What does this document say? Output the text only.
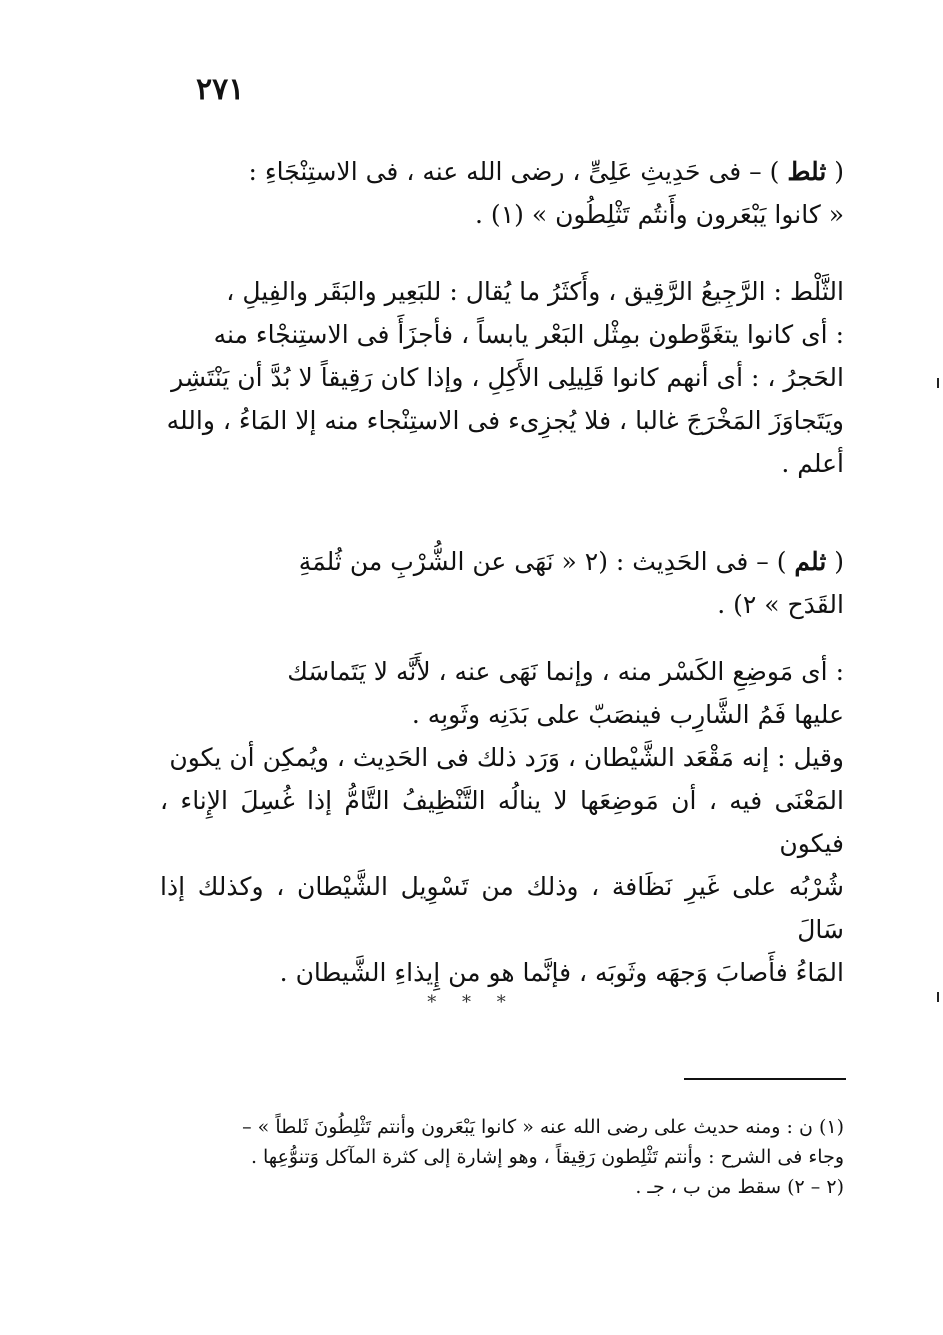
٢٧١

( ثلط ) – فى حَدِيثِ عَلِىٍّ ، رضى الله عنه ، فى الاستِنْجَاءِ :

« كانوا يَبْعَرون وأَنتُم تَثْلِطُون » (١) .

الثَّلْط : الرَّجِيعُ الرَّقِيق ، وأَكثَرُ ما يُقال : للبَعِير والبَقَر والفِيلِ ،

: أى كانوا يتغَوَّطون بمِثْل البَعْر يابساً ، فأجزَأَ فى الاستِنجْاء منه

الحَجرُ ، : أى أنهم كانوا قَلِيلِى الأَكِلِ ، وإذا كان رَقِيقاً لا بُدَّ أن يَنْتَشِر

ويَتَجاوَزَ المَخْرَجَ غالبا ، فلا يُجزِىء فى الاستِنْجاء منه إلا المَاءُ ، والله

أعلم .

( ثلم ) – فى الحَدِيث : (٢ « نَهَى عن الشُّرْبِ من ثُلمَةِ

القَدَح » ٢) .

: أى مَوضِعِ الكَسْر منه ، وإنما نَهَى عنه ، لأَنَّه لا يَتَماسَك

عليها فَمُ الشَّارِب فينصَبّ على بَدَنِه وثَوبِه .

وقيل : إنه مَقْعَد الشَّيْطان ، وَرَد ذلك فى الحَدِيث ، ويُمكِن أن يكون

المَعْنَى فيه ، أن مَوضِعَها لا ينالُه التَّنْظِيفُ التَّامُّ إذا غُسِلَ الإِناء ، فيكون

شُرْبُه على غَيرِ نَظَافة ، وذلك من تَسْوِيل الشَّيْطان ، وكذلك إذا سَالَ

المَاءُ فأَصابَ وَجهَه وثَوبَه ، فإنَّما هو من إِيذاءِ الشَّيطان .

* * *

(١) ن : ومنه حديث على رضى الله عنه « كانوا يَبْعَرون وأنتم تَثْلِطُونَ ثَلطاً » –

وجاء فى الشرح : وأنتم تَثْلِطون رَقِيقاً ، وهو إشارة إلى كثرة المآكل وَتنوُّعِها .

(٢ – ٢) سقط من ب ، جـ .
